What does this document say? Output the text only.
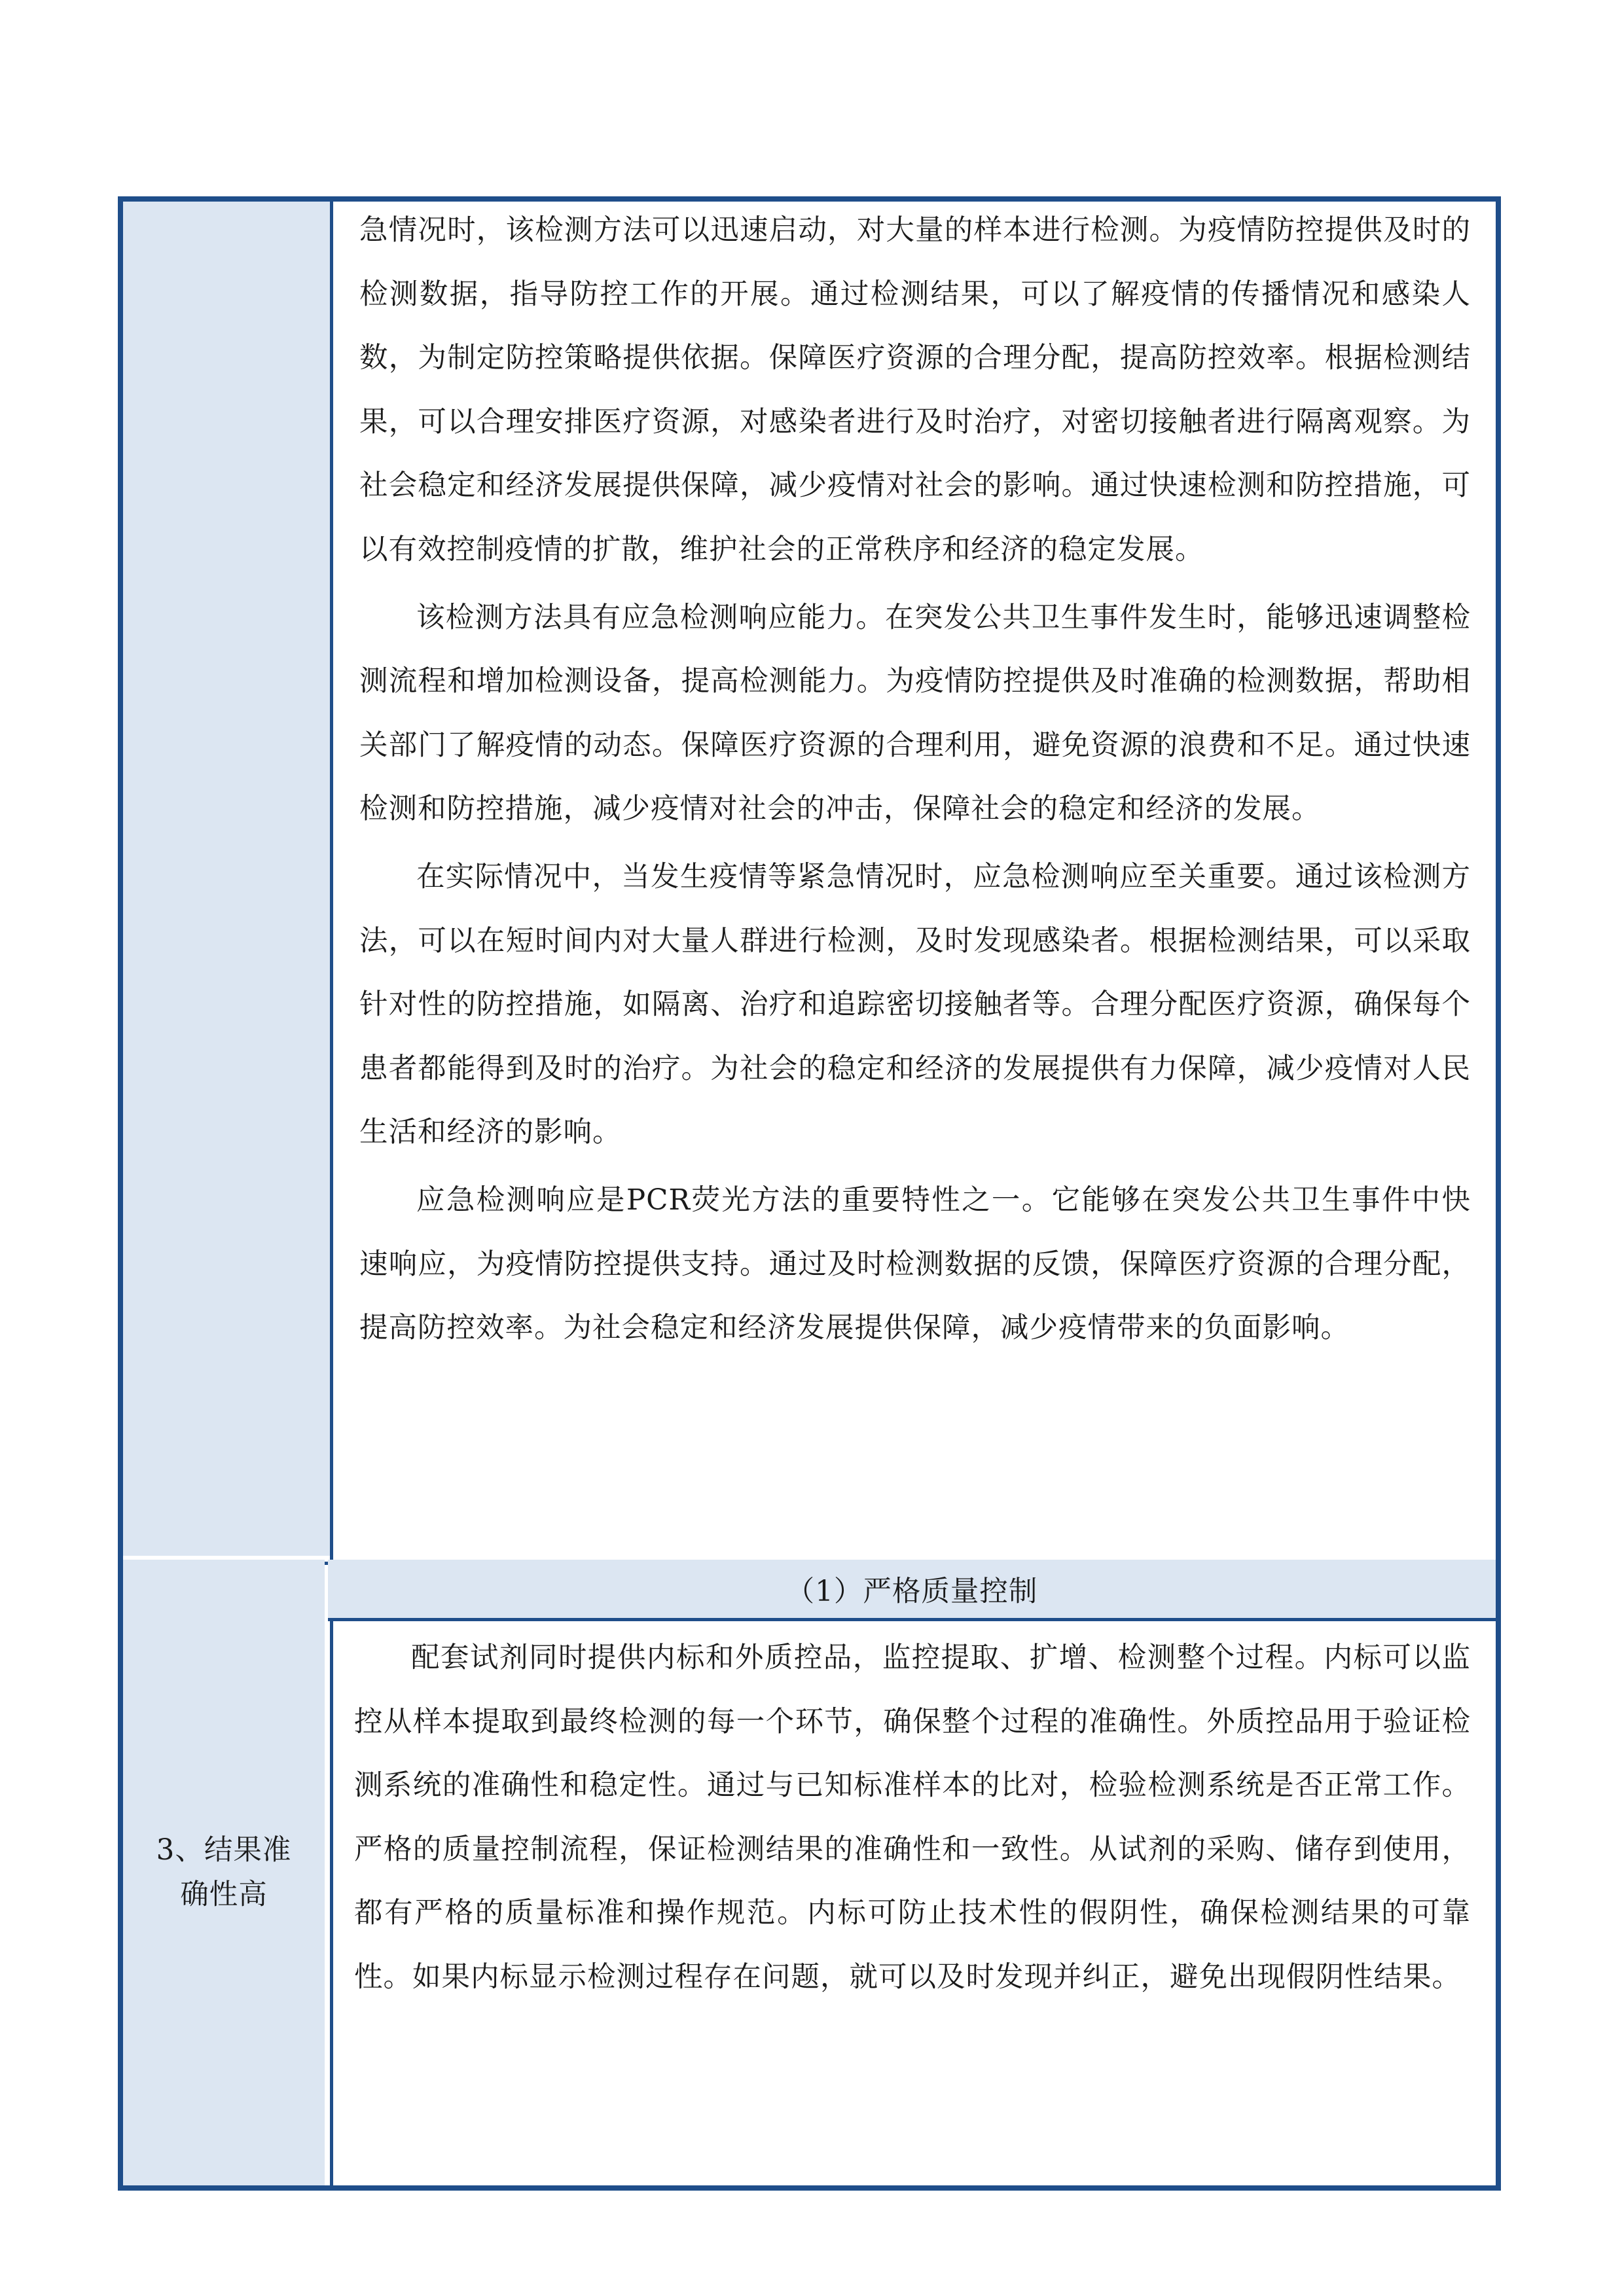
急情况时，该检测方法可以迅速启动，对大量的样本进行检测。为疫情防控提供及时的检测数据，指导防控工作的开展。通过检测结果，可以了解疫情的传播情况和感染人数，为制定防控策略提供依据。保障医疗资源的合理分配，提高防控效率。根据检测结果，可以合理安排医疗资源，对感染者进行及时治疗，对密切接触者进行隔离观察。为社会稳定和经济发展提供保障，减少疫情对社会的影响。通过快速检测和防控措施，可以有效控制疫情的扩散，维护社会的正常秩序和经济的稳定发展。

该检测方法具有应急检测响应能力。在突发公共卫生事件发生时，能够迅速调整检测流程和增加检测设备，提高检测能力。为疫情防控提供及时准确的检测数据，帮助相关部门了解疫情的动态。保障医疗资源的合理利用，避免资源的浪费和不足。通过快速检测和防控措施，减少疫情对社会的冲击，保障社会的稳定和经济的发展。

在实际情况中，当发生疫情等紧急情况时，应急检测响应至关重要。通过该检测方法，可以在短时间内对大量人群进行检测，及时发现感染者。根据检测结果，可以采取针对性的防控措施，如隔离、治疗和追踪密切接触者等。合理分配医疗资源，确保每个患者都能得到及时的治疗。为社会的稳定和经济的发展提供有力保障，减少疫情对人民生活和经济的影响。

应急检测响应是PCR荧光方法的重要特性之一。它能够在突发公共卫生事件中快速响应，为疫情防控提供支持。通过及时检测数据的反馈，保障医疗资源的合理分配，提高防控效率。为社会稳定和经济发展提供保障，减少疫情带来的负面影响。

3、结果准
确性高
（1）严格质量控制

配套试剂同时提供内标和外质控品，监控提取、扩增、检测整个过程。内标可以监控从样本提取到最终检测的每一个环节，确保整个过程的准确性。外质控品用于验证检测系统的准确性和稳定性。通过与已知标准样本的比对，检验检测系统是否正常工作。严格的质量控制流程，保证检测结果的准确性和一致性。从试剂的采购、储存到使用，都有严格的质量标准和操作规范。内标可防止技术性的假阴性，确保检测结果的可靠性。如果内标显示检测过程存在问题，就可以及时发现并纠正，避免出现假阴性结果。
